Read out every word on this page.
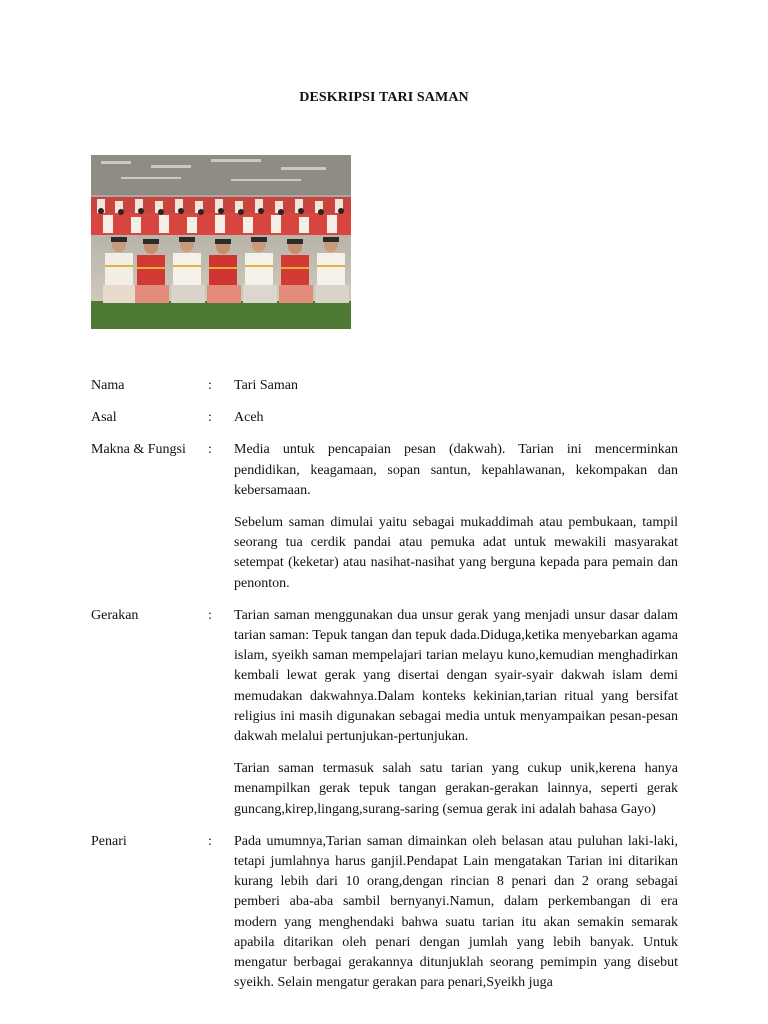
DESKRIPSI TARI SAMAN
Nama	:	Tari Saman

Asal	:	Aceh

Makna & Fungsi	:	Media untuk pencapaian pesan (dakwah). Tarian ini mencerminkan pendidikan, keagamaan, sopan santun, kepahlawanan, kekompakan dan kebersamaan.

Sebelum saman dimulai yaitu sebagai mukaddimah atau pembukaan, tampil seorang tua cerdik pandai atau pemuka adat untuk mewakili masyarakat setempat (keketar) atau nasihat-nasihat yang berguna kepada para pemain dan penonton.

Gerakan	:	Tarian saman menggunakan dua unsur gerak yang menjadi unsur dasar dalam tarian saman: Tepuk tangan dan tepuk dada.Diduga,ketika menyebarkan agama islam, syeikh saman mempelajari tarian melayu kuno,kemudian menghadirkan kembali lewat gerak yang disertai dengan syair-syair dakwah islam demi memudakan dakwahnya.Dalam konteks kekinian,tarian ritual yang bersifat religius ini masih digunakan sebagai media untuk menyampaikan pesan-pesan dakwah melalui pertunjukan-pertunjukan.

Tarian saman termasuk salah satu tarian yang cukup unik,kerena hanya menampilkan gerak tepuk tangan gerakan-gerakan lainnya, seperti gerak guncang,kirep,lingang,surang-saring (semua gerak ini adalah bahasa Gayo)

Penari	:	Pada umumnya,Tarian saman dimainkan oleh belasan atau puluhan laki-laki, tetapi jumlahnya harus ganjil.Pendapat Lain mengatakan Tarian ini ditarikan kurang lebih dari 10 orang,dengan rincian 8 penari dan 2 orang sebagai pemberi aba-aba sambil bernyanyi.Namun, dalam perkembangan di era modern yang menghendaki bahwa suatu tarian itu akan semakin semarak apabila ditarikan oleh penari dengan jumlah yang lebih banyak. Untuk mengatur berbagai gerakannya ditunjuklah seorang pemimpin yang disebut syeikh. Selain mengatur gerakan para penari,Syeikh juga
